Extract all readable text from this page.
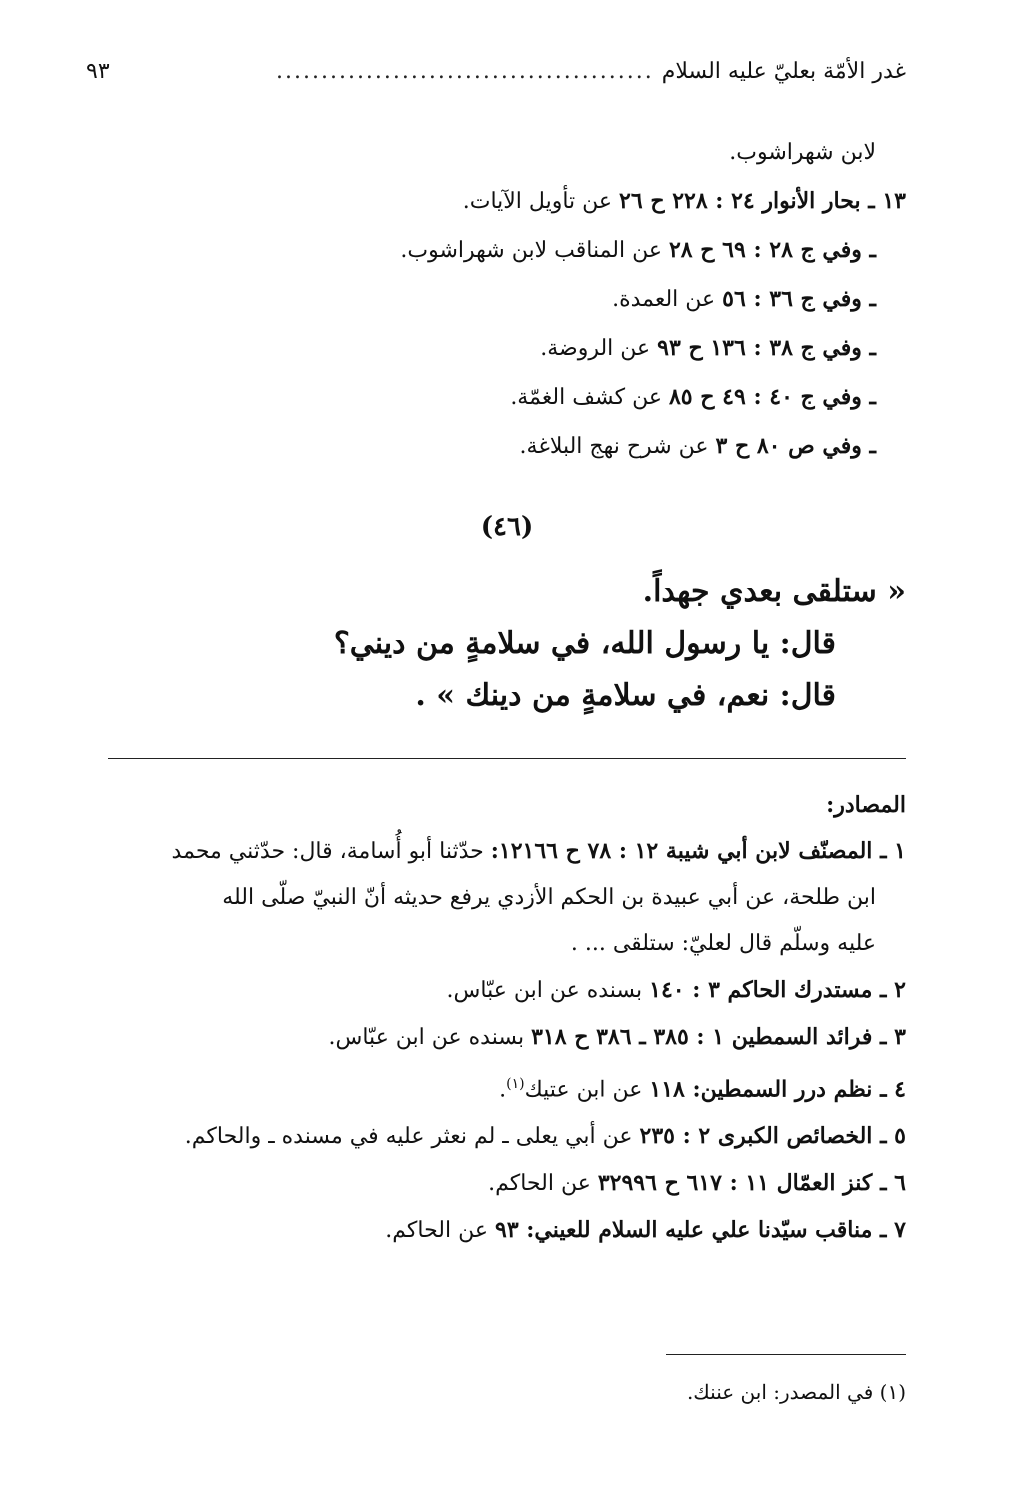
غدر الأمّة بعليّ عليه السلام
..........................................
٩٣
لابن شهراشوب.
١٣ ـ بحار الأنوار ٢٤ : ٢٢٨ ح ٢٦ عن تأويل الآيات.
ـ وفي ج ٢٨ : ٦٩ ح ٢٨ عن المناقب لابن شهراشوب.
ـ وفي ج ٣٦ : ٥٦ عن العمدة.
ـ وفي ج ٣٨ : ١٣٦ ح ٩٣ عن الروضة.
ـ وفي ج ٤٠ : ٤٩ ح ٨٥ عن كشف الغمّة.
ـ وفي ص ٨٠ ح ٣ عن شرح نهج البلاغة.
(٤٦)
« ستلقى بعدي جهداً.
قال: يا رسول الله، في سلامةٍ من ديني؟
قال: نعم، في سلامةٍ من دينك » .
المصادر:
١ ـ المصنّف لابن أبي شيبة ١٢ : ٧٨ ح ١٢١٦٦: حدّثنا أبو أُسامة، قال: حدّثني محمد
ابن طلحة، عن أبي عبيدة بن الحكم الأزدي يرفع حديثه أنّ النبيّ صلّى الله
عليه وسلّم قال لعليّ: ستلقى ... .
٢ ـ مستدرك الحاكم ٣ : ١٤٠ بسنده عن ابن عبّاس.
٣ ـ فرائد السمطين ١ : ٣٨٥ ـ ٣٨٦ ح ٣١٨ بسنده عن ابن عبّاس.
٤ ـ نظم درر السمطين: ١١٨ عن ابن عتيك$^{(١)}$.
٥ ـ الخصائص الكبرى ٢ : ٢٣٥ عن أبي يعلى ـ لم نعثر عليه في مسنده ـ والحاكم.
٦ ـ كنز العمّال ١١ : ٦١٧ ح ٣٢٩٩٦ عن الحاكم.
٧ ـ مناقب سيّدنا علي عليه السلام للعيني: ٩٣ عن الحاكم.
(١) في المصدر: ابن عننك.
